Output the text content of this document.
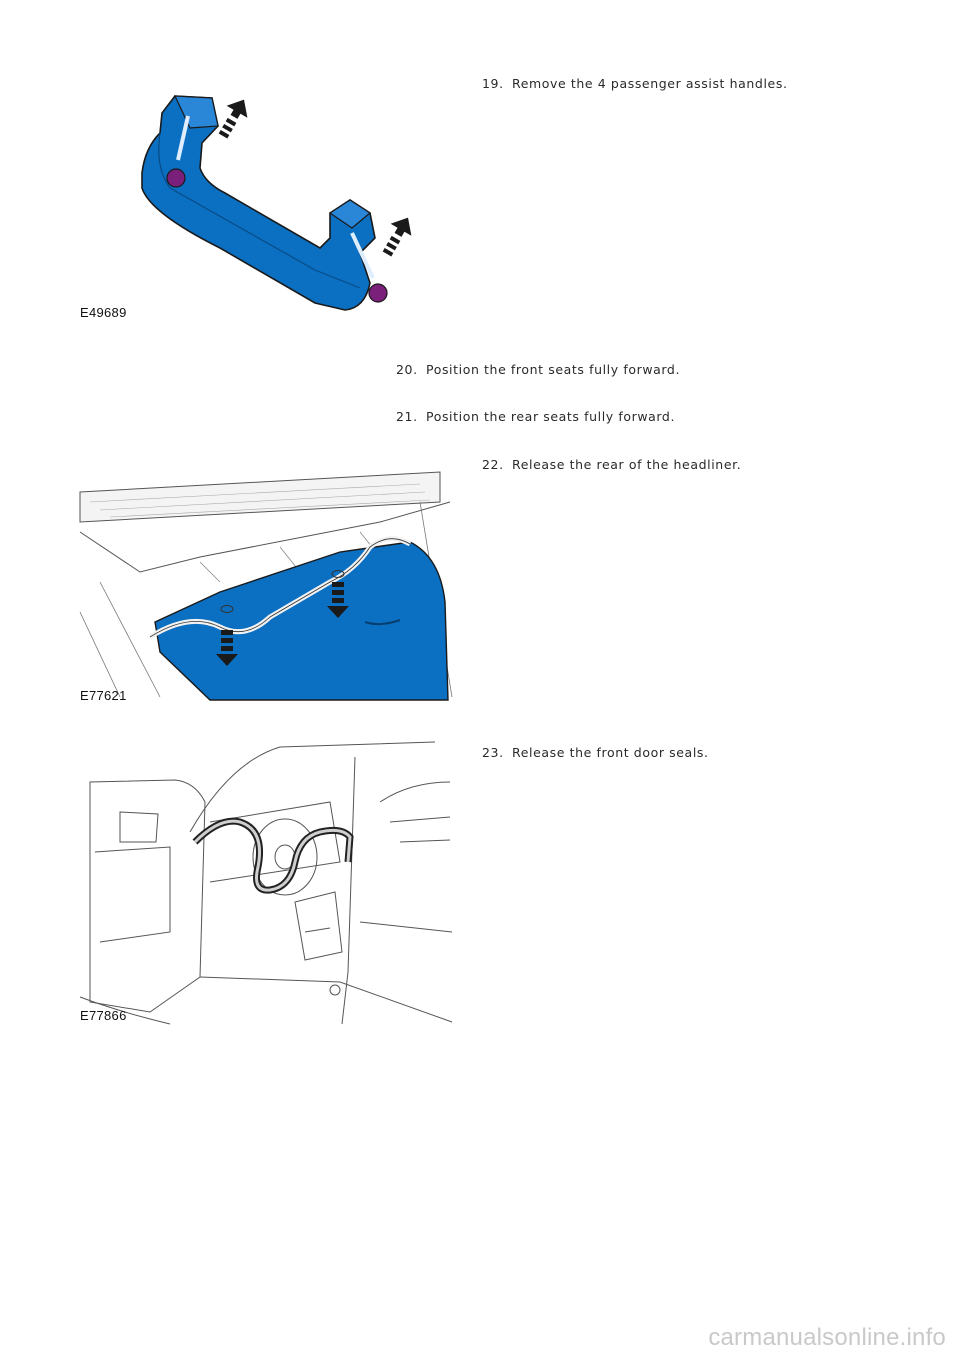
19. Remove the 4 passenger assist handles.
E49689
20. Position the front seats fully forward.
21. Position the rear seats fully forward.
22. Release the rear of the headliner.
E77621
23. Release the front door seals.
E77866
carmanualsonline.info
